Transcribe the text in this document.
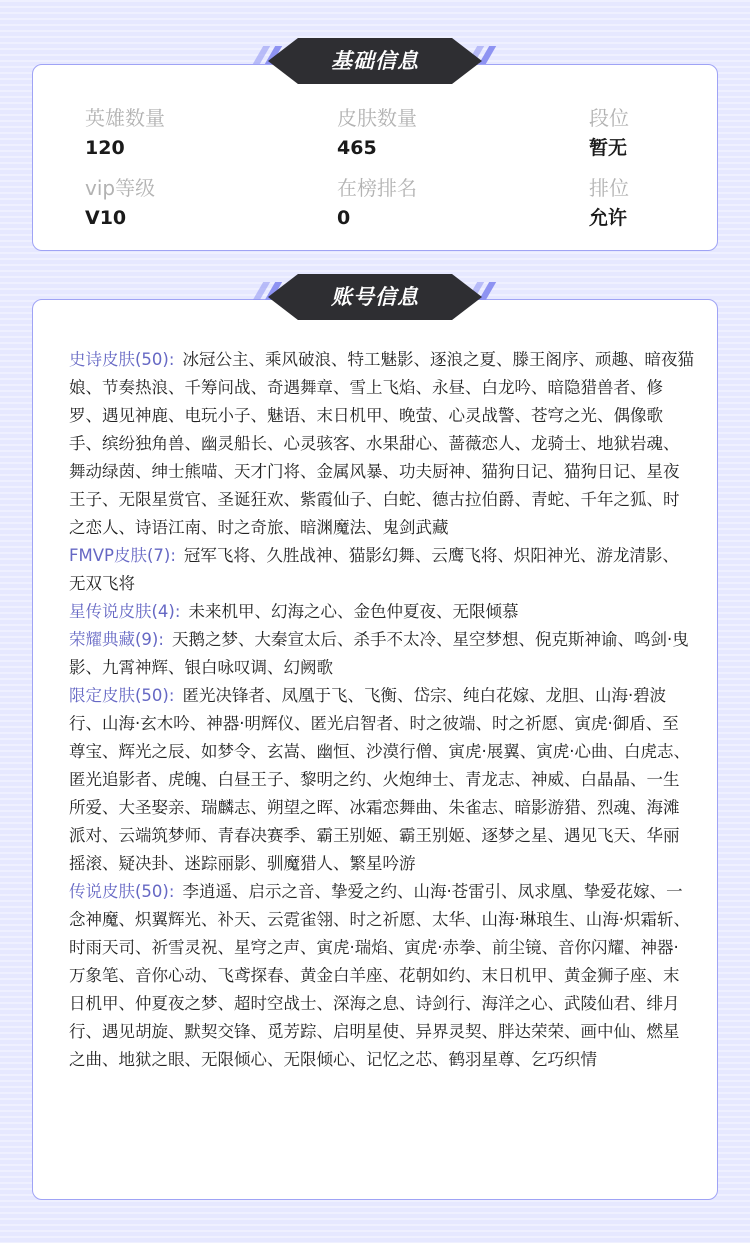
英雄数量
120
皮肤数量
465
段位
暂无
vip等级
V10
在榜排名
0
排位
允许
基础信息
史诗皮肤(50): 冰冠公主、乘风破浪、特工魅影、逐浪之夏、滕王阁序、顽趣、暗夜猫娘、节奏热浪、千筹问战、奇遇舞章、雪上飞焰、永昼、白龙吟、暗隐猎兽者、修罗、遇见神鹿、电玩小子、魅语、末日机甲、晚萤、心灵战警、苍穹之光、偶像歌手、缤纷独角兽、幽灵船长、心灵骇客、水果甜心、蔷薇恋人、龙骑士、地狱岩魂、舞动绿茵、绅士熊喵、天才门将、金属风暴、功夫厨神、猫狗日记、猫狗日记、星夜王子、无限星赏官、圣诞狂欢、紫霞仙子、白蛇、德古拉伯爵、青蛇、千年之狐、时之恋人、诗语江南、时之奇旅、暗渊魔法、鬼剑武藏
FMVP皮肤(7): 冠军飞将、久胜战神、猫影幻舞、云鹰飞将、炽阳神光、游龙清影、无双飞将
星传说皮肤(4): 未来机甲、幻海之心、金色仲夏夜、无限倾慕
荣耀典藏(9): 天鹅之梦、大秦宣太后、杀手不太冷、星空梦想、倪克斯神谕、鸣剑·曳影、九霄神辉、银白咏叹调、幻阙歌
限定皮肤(50): 匿光决锋者、凤凰于飞、飞衡、岱宗、纯白花嫁、龙胆、山海·碧波行、山海·玄木吟、神器·明辉仪、匿光启智者、时之彼端、时之祈愿、寅虎·御盾、至尊宝、辉光之辰、如梦令、玄嵩、幽恒、沙漠行僧、寅虎·展翼、寅虎·心曲、白虎志、匿光追影者、虎魄、白昼王子、黎明之约、火炮绅士、青龙志、神威、白晶晶、一生所爱、大圣娶亲、瑞麟志、朔望之晖、冰霜恋舞曲、朱雀志、暗影游猎、烈魂、海滩派对、云端筑梦师、青春决赛季、霸王别姬、霸王别姬、逐梦之星、遇见飞天、华丽摇滚、疑决卦、迷踪丽影、驯魔猎人、繁星吟游
传说皮肤(50): 李逍遥、启示之音、挚爱之约、山海·苍雷引、凤求凰、挚爱花嫁、一念神魔、炽翼辉光、补天、云霓雀翎、时之祈愿、太华、山海·琳琅生、山海·炽霜斩、时雨天司、祈雪灵祝、星穹之声、寅虎·瑞焰、寅虎·赤拳、前尘镜、音你闪耀、神器·万象笔、音你心动、飞鸢探春、黄金白羊座、花朝如约、末日机甲、黄金狮子座、末日机甲、仲夏夜之梦、超时空战士、深海之息、诗剑行、海洋之心、武陵仙君、绯月行、遇见胡旋、默契交锋、觅芳踪、启明星使、异界灵契、胖达荣荣、画中仙、燃星之曲、地狱之眼、无限倾心、无限倾心、记忆之芯、鹤羽星尊、乞巧织情
账号信息
